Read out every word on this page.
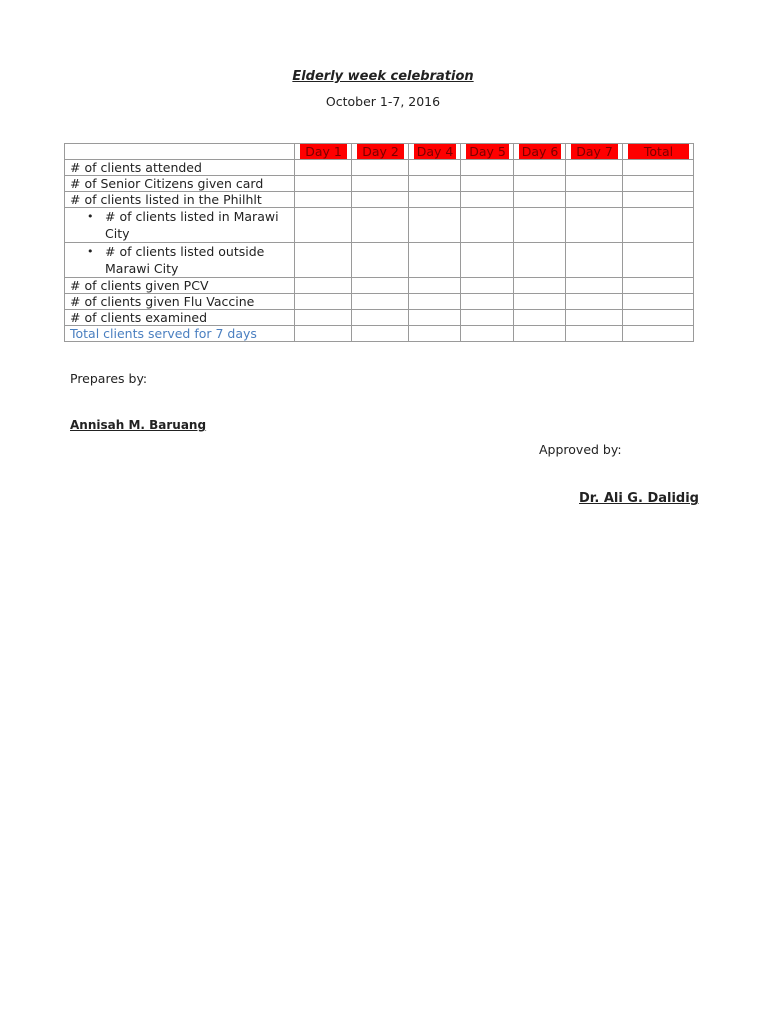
Elderly week celebration
October 1-7, 2016

	Day 1	Day 2	Day 4	Day 5	Day 6	Day 7	Total

# of clients attended							
# of Senior Citizens given card							
# of clients listed in the Philhlt							

• # of clients listed in Marawi City							

• # of clients listed outside Marawi City							

# of clients given PCV							
# of clients given Flu Vaccine							
# of clients examined							
Total clients served for 7 days							
Prepares by:
Annisah M. Baruang
Approved by:
Dr. Ali G. Dalidig
